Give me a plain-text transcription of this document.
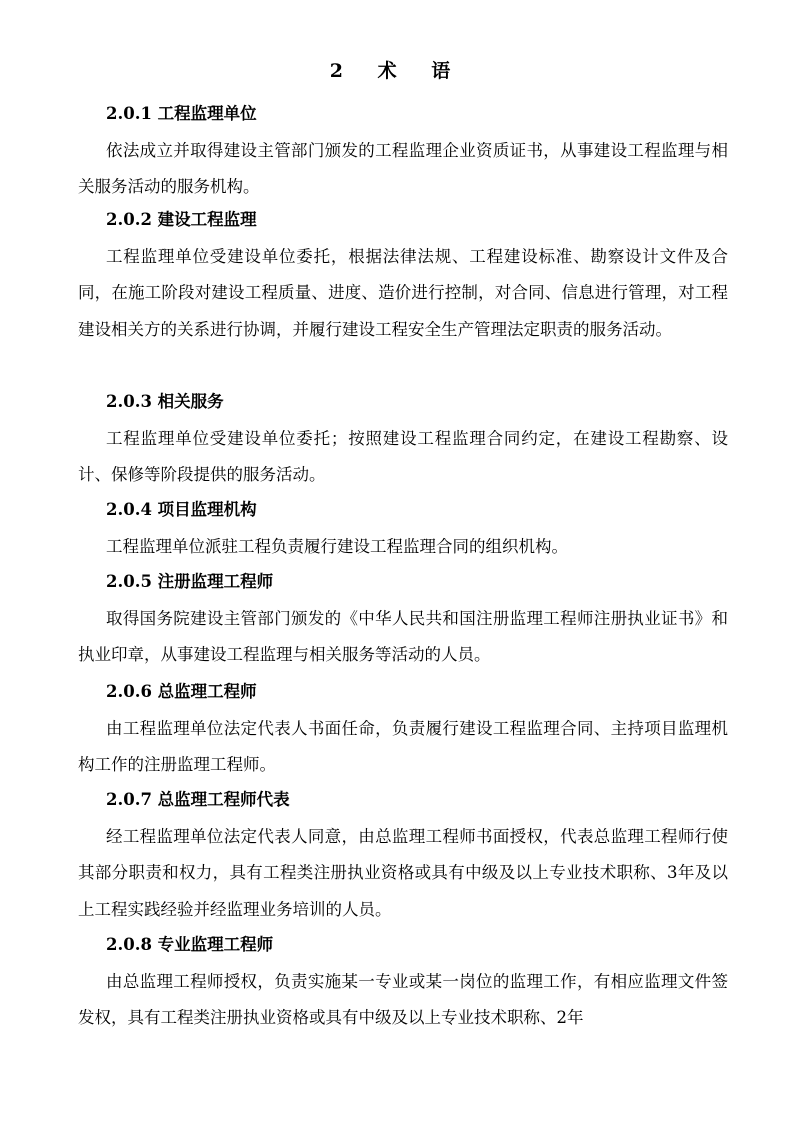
2 术 语
2.0.1 工程监理单位
依法成立并取得建设主管部门颁发的工程监理企业资质证书，从事建设工程监理与相关服务活动的服务机构。
2.0.2 建设工程监理
工程监理单位受建设单位委托，根据法律法规、工程建设标准、勘察设计文件及合同，在施工阶段对建设工程质量、进度、造价进行控制，对合同、信息进行管理，对工程建设相关方的关系进行协调，并履行建设工程安全生产管理法定职责的服务活动。
2.0.3 相关服务
工程监理单位受建设单位委托；按照建设工程监理合同约定，在建设工程勘察、设计、保修等阶段提供的服务活动。
2.0.4 项目监理机构
工程监理单位派驻工程负责履行建设工程监理合同的组织机构。
2.0.5 注册监理工程师
取得国务院建设主管部门颁发的《中华人民共和国注册监理工程师注册执业证书》和执业印章，从事建设工程监理与相关服务等活动的人员。
2.0.6 总监理工程师
由工程监理单位法定代表人书面任命，负责履行建设工程监理合同、主持项目监理机构工作的注册监理工程师。
2.0.7 总监理工程师代表
经工程监理单位法定代表人同意，由总监理工程师书面授权，代表总监理工程师行使其部分职责和权力，具有工程类注册执业资格或具有中级及以上专业技术职称、3年及以上工程实践经验并经监理业务培训的人员。
2.0.8 专业监理工程师
由总监理工程师授权，负责实施某一专业或某一岗位的监理工作，有相应监理文件签发权，具有工程类注册执业资格或具有中级及以上专业技术职称、2年
